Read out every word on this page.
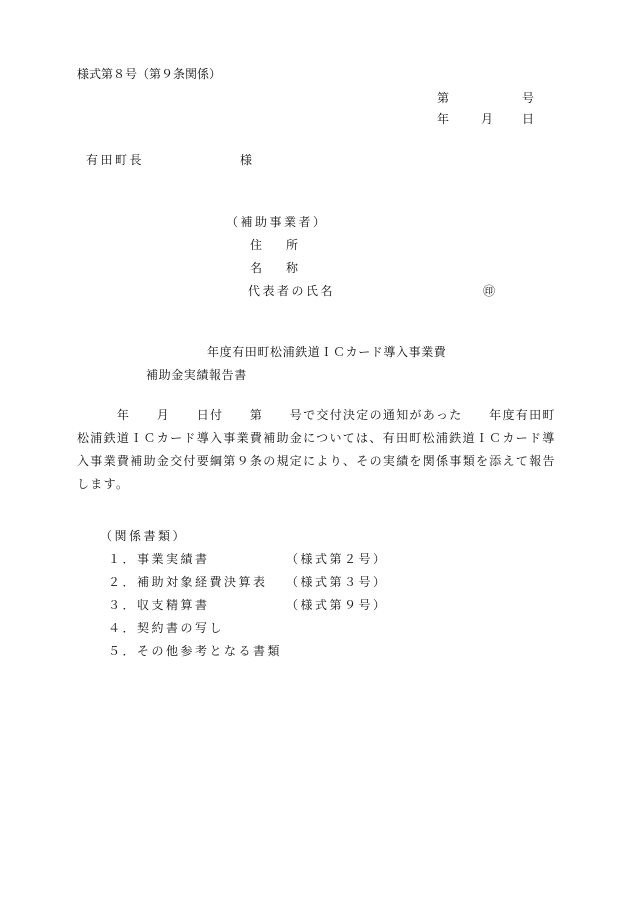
様式第８号（第９条関係）
第	号
年	月 日
有田町長	様
（補助事業者）
住　　所
名　　称
代表者の氏名	㊞
年度有田町松浦鉄道ＩＣカード導入事業費
補助金実績報告書

　　　年　　月　　日付　　第　　号で交付決定の通知があった　　年度有田町

松浦鉄道ＩＣカード導入事業費補助金については、有田町松浦鉄道ＩＣカード導

入事業費補助金交付要綱第９条の規定により、その実績を関係事類を添えて報告

します。

（関係書類）
１．事業実績書	（様式第２号）
２．補助対象経費決算表 （様式第３号）
３．収支精算書	（様式第９号）
４．契約書の写し
５．その他参考となる書類
